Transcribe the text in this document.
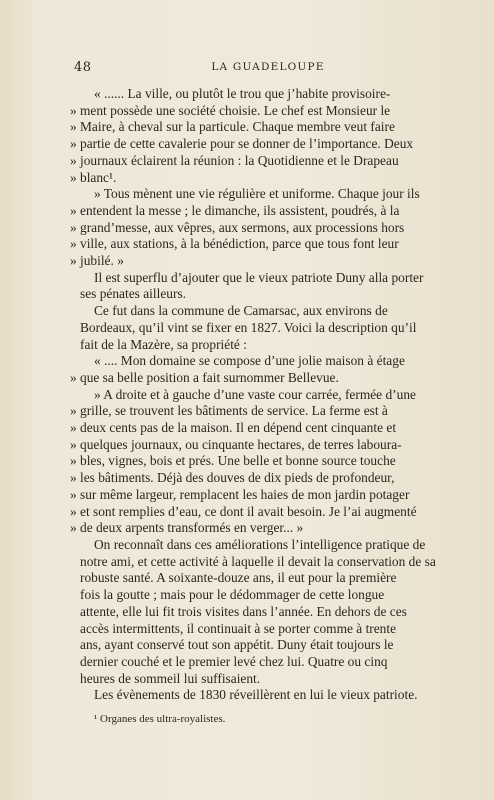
48	LA GUADELOUPE
« ...... La ville, ou plutôt le trou que j’habite provisoire-
» ment possède une société choisie. Le chef est Monsieur le
» Maire, à cheval sur la particule. Chaque membre veut faire
» partie de cette cavalerie pour se donner de l’importance. Deux
» journaux éclairent la réunion : la Quotidienne et le Drapeau
» blanc¹.
» Tous mènent une vie régulière et uniforme. Chaque jour ils
» entendent la messe ; le dimanche, ils assistent, poudrés, à la
» grand’messe, aux vêpres, aux sermons, aux processions hors
» ville, aux stations, à la bénédiction, parce que tous font leur
» jubilé. »
Il est superflu d’ajouter que le vieux patriote Duny alla porter
ses pénates ailleurs.
Ce fut dans la commune de Camarsac, aux environs de
Bordeaux, qu’il vint se fixer en 1827. Voici la description qu’il
fait de la Mazère, sa propriété :
« .... Mon domaine se compose d’une jolie maison à étage
» que sa belle position a fait surnommer Bellevue.
» A droite et à gauche d’une vaste cour carrée, fermée d’une
» grille, se trouvent les bâtiments de service. La ferme est à
» deux cents pas de la maison. Il en dépend cent cinquante et
» quelques journaux, ou cinquante hectares, de terres laboura-
» bles, vignes, bois et prés. Une belle et bonne source touche
» les bâtiments. Déjà des douves de dix pieds de profondeur,
» sur même largeur, remplacent les haies de mon jardin potager
» et sont remplies d’eau, ce dont il avait besoin. Je l’ai augmenté
» de deux arpents transformés en verger... »
On reconnaît dans ces améliorations l’intelligence pratique de
notre ami, et cette activité à laquelle il devait la conservation de sa
robuste santé. A soixante-douze ans, il eut pour la première
fois la goutte ; mais pour le dédommager de cette longue
attente, elle lui fit trois visites dans l’année. En dehors de ces
accès intermittents, il continuait à se porter comme à trente
ans, ayant conservé tout son appétit. Duny était toujours le
dernier couché et le premier levé chez lui. Quatre ou cinq
heures de sommeil lui suffisaient.
Les évènements de 1830 réveillèrent en lui le vieux patriote.
¹ Organes des ultra-royalistes.
